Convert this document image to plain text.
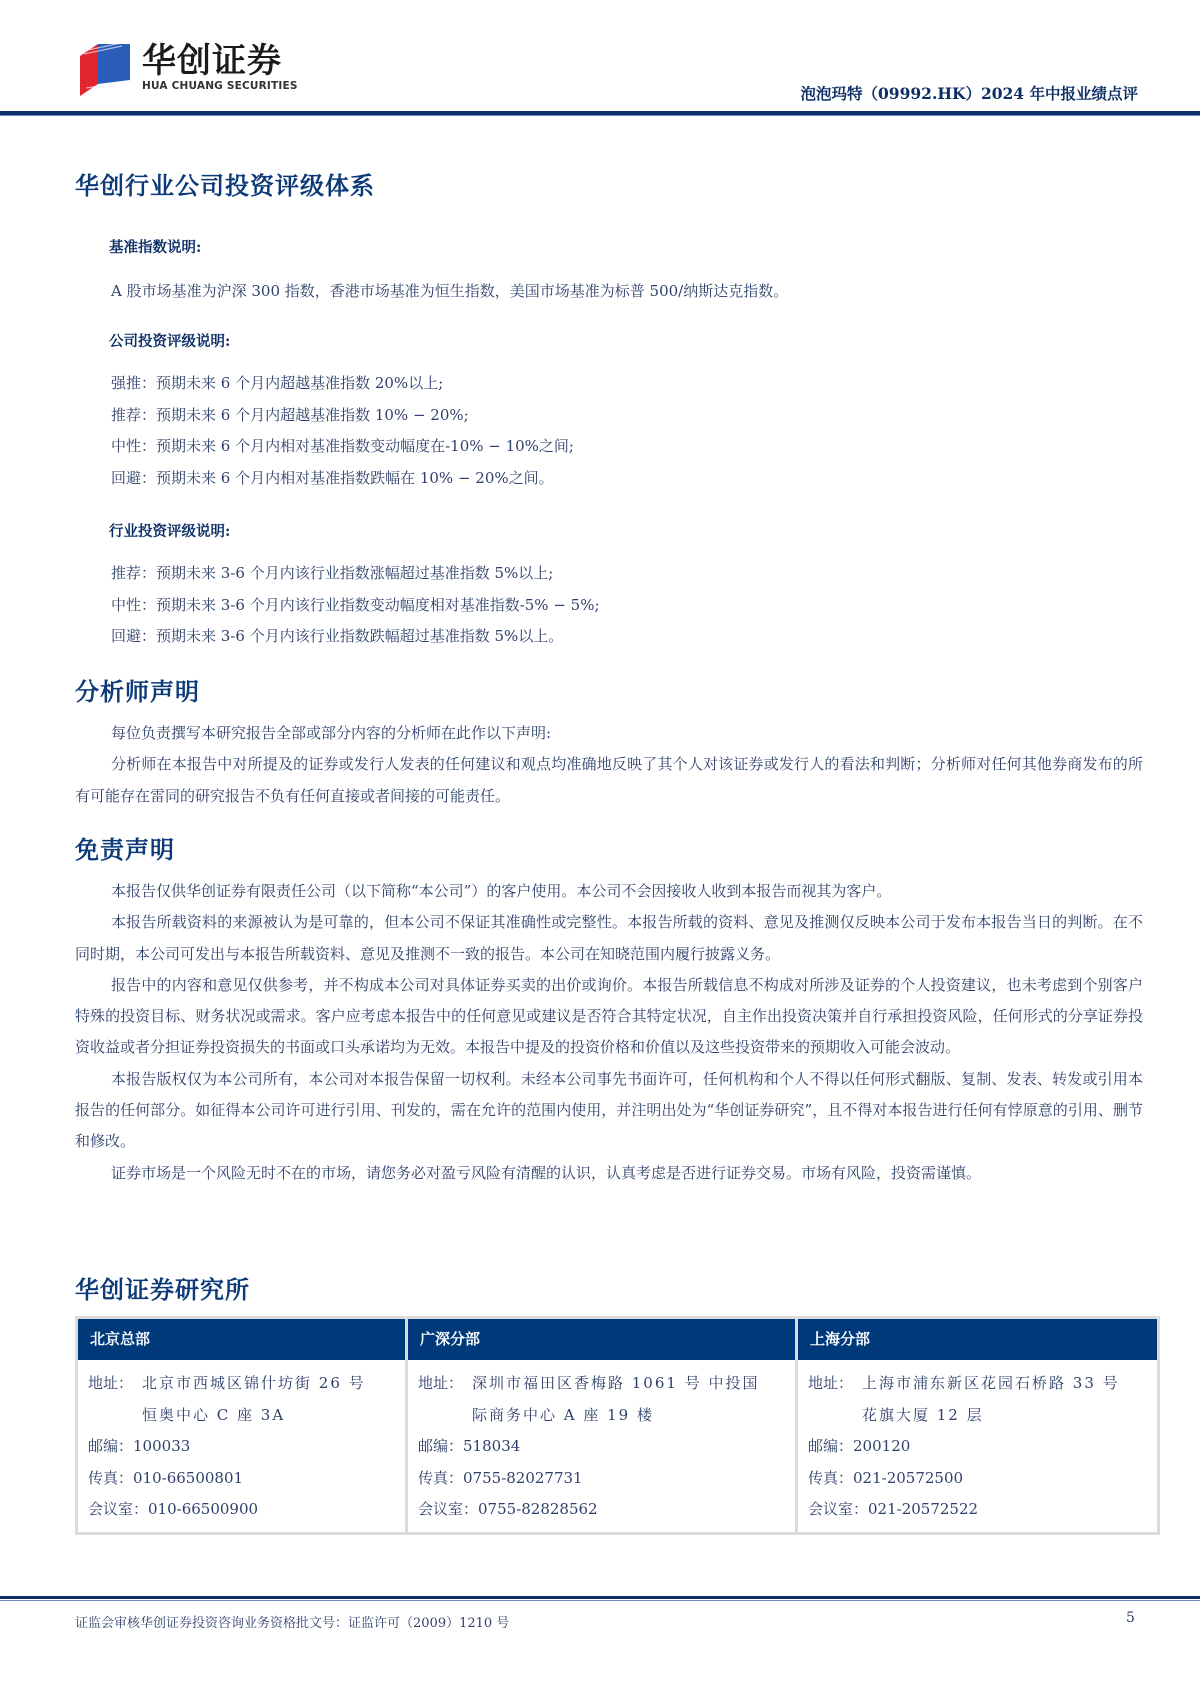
华创证券
HUA CHUANG SECURITIES	泡泡玛特（09992.HK）2024 年中报业绩点评
华创行业公司投资评级体系
基准指数说明:

A 股市场基准为沪深 300 指数，香港市场基准为恒生指数，美国市场基准为标普 500/纳斯达克指数。

公司投资评级说明:

强推：预期未来 6 个月内超越基准指数 20%以上;

推荐：预期未来 6 个月内超越基准指数 10% − 20%;

中性：预期未来 6 个月内相对基准指数变动幅度在-10% − 10%之间;

回避：预期未来 6 个月内相对基准指数跌幅在 10% − 20%之间。

行业投资评级说明:

推荐：预期未来 3-6 个月内该行业指数涨幅超过基准指数 5%以上;

中性：预期未来 3-6 个月内该行业指数变动幅度相对基准指数-5% − 5%;

回避：预期未来 3-6 个月内该行业指数跌幅超过基准指数 5%以上。

分析师声明

每位负责撰写本研究报告全部或部分内容的分析师在此作以下声明:

分析师在本报告中对所提及的证券或发行人发表的任何建议和观点均准确地反映了其个人对该证券或发行人的看法和判断；分析师对任何其他券商发布的所有可能存在雷同的研究报告不负有任何直接或者间接的可能责任。

免责声明

本报告仅供华创证券有限责任公司（以下简称“本公司”）的客户使用。本公司不会因接收人收到本报告而视其为客户。

本报告所载资料的来源被认为是可靠的，但本公司不保证其准确性或完整性。本报告所载的资料、意见及推测仅反映本公司于发布本报告当日的判断。在不同时期，本公司可发出与本报告所载资料、意见及推测不一致的报告。本公司在知晓范围内履行披露义务。

报告中的内容和意见仅供参考，并不构成本公司对具体证券买卖的出价或询价。本报告所载信息不构成对所涉及证券的个人投资建议，也未考虑到个别客户特殊的投资目标、财务状况或需求。客户应考虑本报告中的任何意见或建议是否符合其特定状况，自主作出投资决策并自行承担投资风险，任何形式的分享证券投资收益或者分担证券投资损失的书面或口头承诺均为无效。本报告中提及的投资价格和价值以及这些投资带来的预期收入可能会波动。

本报告版权仅为本公司所有，本公司对本报告保留一切权利。未经本公司事先书面许可，任何机构和个人不得以任何形式翻版、复制、发表、转发或引用本报告的任何部分。如征得本公司许可进行引用、刊发的，需在允许的范围内使用，并注明出处为“华创证券研究”，且不得对本报告进行任何有悖原意的引用、删节和修改。

证券市场是一个风险无时不在的市场，请您务必对盈亏风险有清醒的认识，认真考虑是否进行证券交易。市场有风险，投资需谨慎。

华创证券研究所
北京总部
地址： 北京市西城区锦什坊街 26 号
恒奥中心 C 座 3A
邮编：100033
传真：010-66500801
会议室：010-66500900
广深分部
地址： 深圳市福田区香梅路 1061 号 中投国
际商务中心 A 座 19 楼
邮编：518034
传真：0755-82027731
会议室：0755-82828562
上海分部
地址： 上海市浦东新区花园石桥路 33 号
花旗大厦 12 层
邮编：200120
传真：021-20572500
会议室：021-20572522
证监会审核华创证券投资咨询业务资格批文号：证监许可（2009）1210 号	5
